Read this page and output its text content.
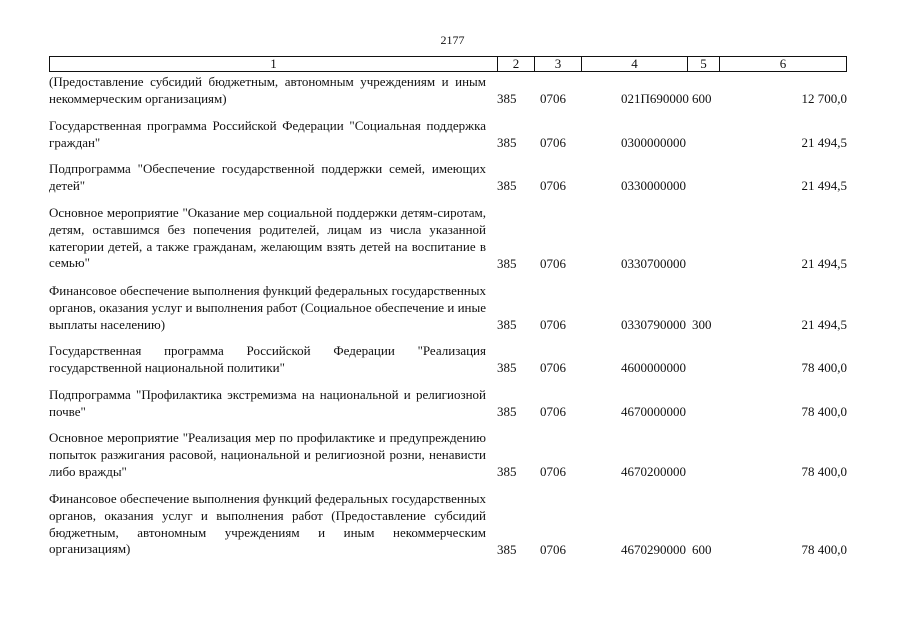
2177
1	2	3	4	5	6
(Предоставление субсидий бюджетным, автономным учреждениям и иным некоммерческим организациям)	385 0706	021П690000 600	12 700,0
Государственная программа Российской Федерации "Социальная поддержка граждан"	385 0706	0300000000	21 494,5
Подпрограмма "Обеспечение государственной поддержки семей, имеющих детей"	385 0706	0330000000	21 494,5
Основное мероприятие "Оказание мер социальной поддержки детям-сиротам, детям, оставшимся без попечения родителей, лицам из числа указанной категории детей, а также гражданам, желающим взять детей на воспитание в семью"	385 0706	0330700000	21 494,5
Финансовое обеспечение выполнения функций федеральных государственных органов, оказания услуг и выполнения работ (Социальное обеспечение и иные выплаты населению)	385 0706	0330790000 300	21 494,5
Государственная программа Российской Федерации "Реализация государственной национальной политики"	385 0706	4600000000	78 400,0
Подпрограмма "Профилактика экстремизма на национальной и религиозной почве"	385 0706	4670000000	78 400,0
Основное мероприятие "Реализация мер по профилактике и предупреждению попыток разжигания расовой, национальной и религиозной розни, ненависти либо вражды"	385 0706	4670200000	78 400,0
Финансовое обеспечение выполнения функций федеральных государственных органов, оказания услуг и выполнения работ (Предоставление субсидий бюджетным, автономным учреждениям и иным некоммерческим организациям)	385 0706	4670290000 600	78 400,0
